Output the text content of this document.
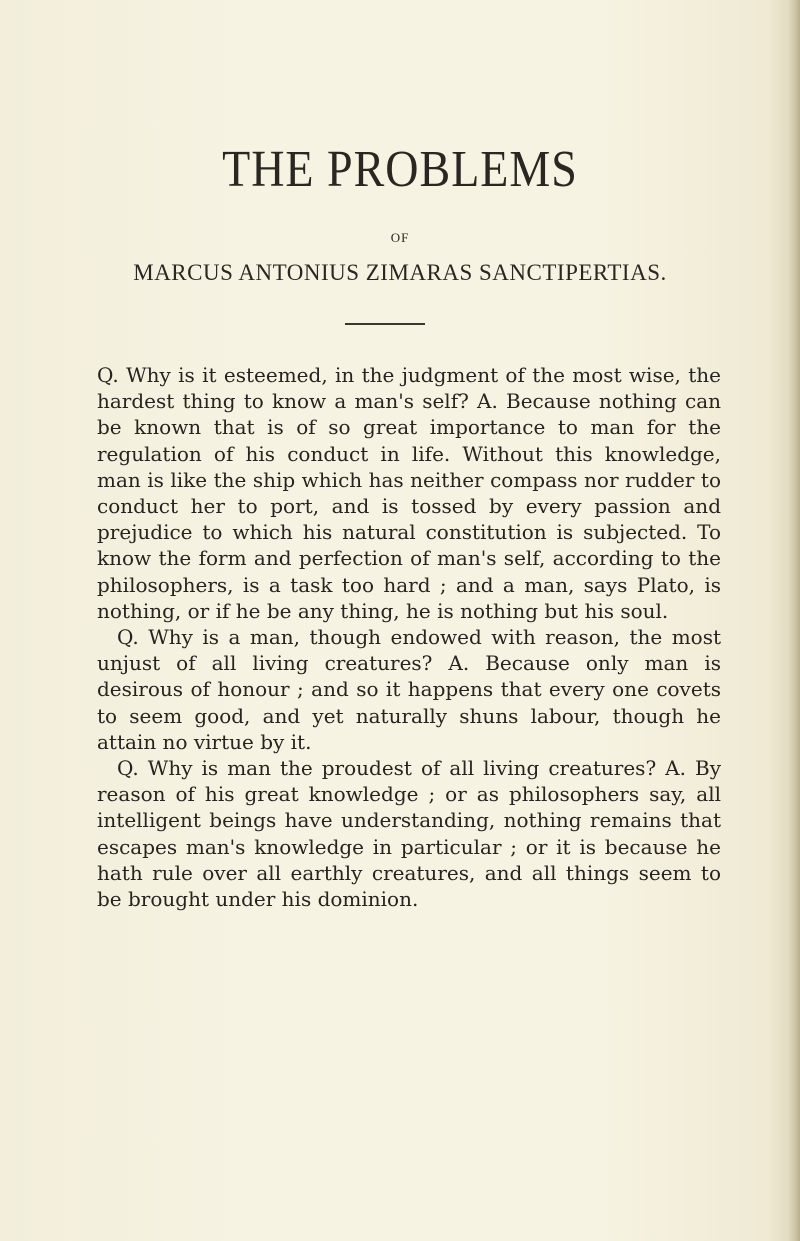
THE PROBLEMS
OF
MARCUS ANTONIUS ZIMARAS SANCTIPERTIAS.

Q. Why is it esteemed, in the judgment of the most wise, the hardest thing to know a man's self? A. Because nothing can be known that is of so great importance to man for the regulation of his conduct in life. Without this knowledge, man is like the ship which has neither compass nor rudder to conduct her to port, and is tossed by every passion and prejudice to which his natural constitution is subjected. To know the form and perfection of man's self, according to the philosophers, is a task too hard ; and a man, says Plato, is nothing, or if he be any thing, he is nothing but his soul.

Q. Why is a man, though endowed with reason, the most unjust of all living creatures? A. Because only man is desirous of honour ; and so it happens that every one covets to seem good, and yet naturally shuns labour, though he attain no virtue by it.

Q. Why is man the proudest of all living creatures? A. By reason of his great knowledge ; or as philosophers say, all intelligent beings have understanding, nothing remains that escapes man's knowledge in particular ; or it is because he hath rule over all earthly creatures, and all things seem to be brought under his dominion.
